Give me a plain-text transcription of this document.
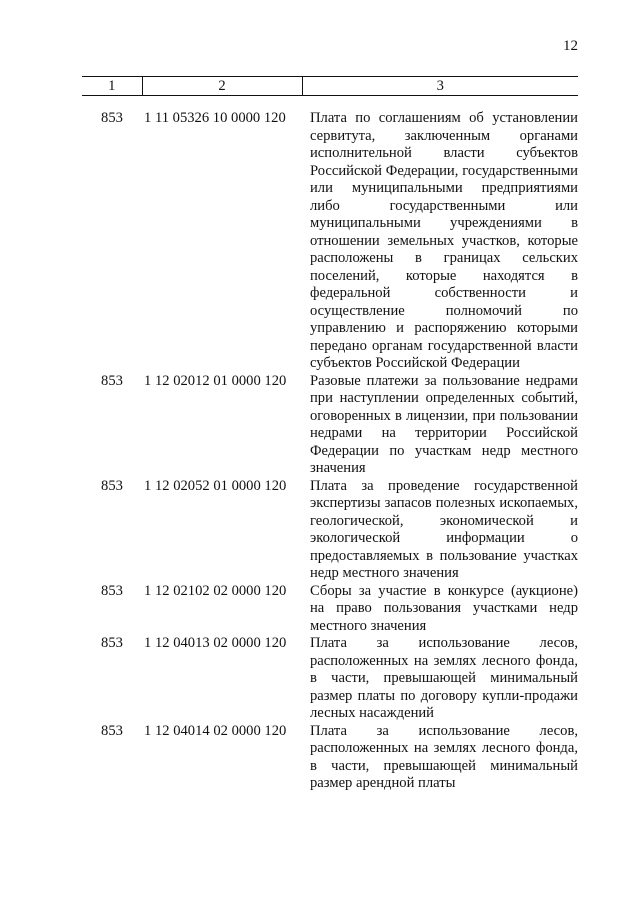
12
1	2	3
853	1 11 05326 10 0000 120	Плата по соглашениям об установлении сервитута, заключенным органами исполнительной власти субъектов Российской Федерации, государственными или муниципальными предприятиями либо государственными или муниципальными учреждениями в отношении земельных участков, которые расположены в границах сельских поселений, которые находятся в федеральной собственности и осуществление полномочий по управлению и распоряжению которыми передано органам государственной власти субъектов Российской Федерации
853	1 12 02012 01 0000 120	Разовые платежи за пользование недрами при наступлении определенных событий, оговоренных в лицензии, при пользовании недрами на территории Российской Федерации по участкам недр местного значения
853	1 12 02052 01 0000 120	Плата за проведение государственной экспертизы запасов полезных ископаемых, геологической, экономической и экологической информации о предоставляемых в пользование участках недр местного значения
853	1 12 02102 02 0000 120	Сборы за участие в конкурсе (аукционе) на право пользования участками недр местного значения
853	1 12 04013 02 0000 120	Плата за использование лесов, расположенных на землях лесного фонда, в части, превышающей минимальный размер платы по договору купли-продажи лесных насаждений
853	1 12 04014 02 0000 120	Плата за использование лесов, расположенных на землях лесного фонда, в части, превышающей минимальный размер арендной платы
